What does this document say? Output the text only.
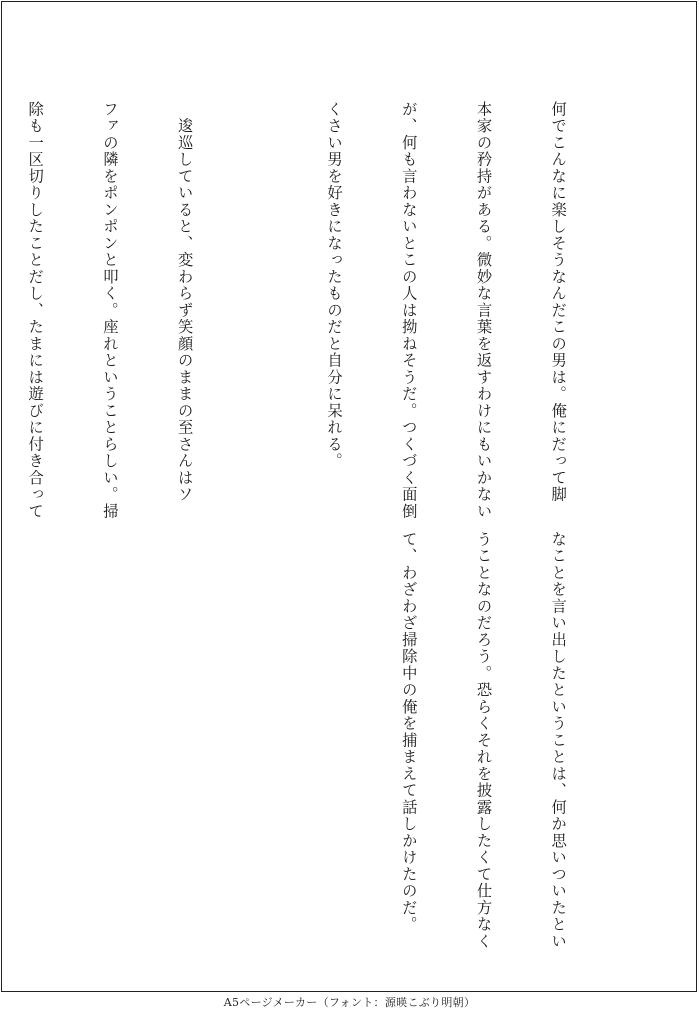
何でこんなに楽しそうなんだこの男は。俺にだって脚

本家の矜持がある。微妙な言葉を返すわけにもいかない

が、何も言わないとこの人は拗ねそうだ。つくづく面倒

くさい男を好きになったものだと自分に呆れる。

　逡巡していると、変わらず笑顔のままの至さんはソ

ファの隣をポンポンと叩く。座れということらしい。掃

除も一区切りしたことだし、たまには遊びに付き合って

なことを言い出したということは、何か思いついたとい

うことなのだろう。恐らくそれを披露したくて仕方なく

て、わざわざ掃除中の俺を捕まえて話しかけたのだ。

A5ページメーカー（フォント：源暎こぶり明朝）
